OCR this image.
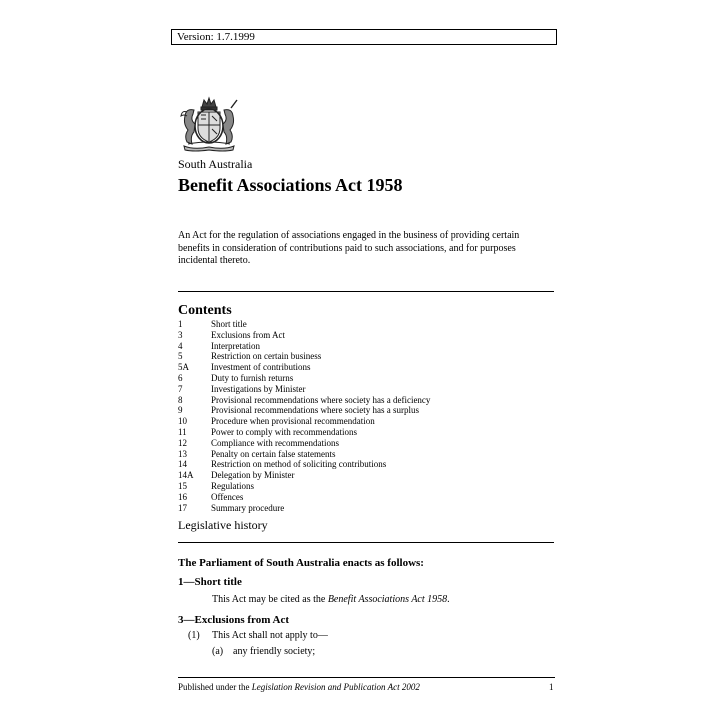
Version: 1.7.1999
South Australia
Benefit Associations Act 1958

An Act for the regulation of associations engaged in the business of providing certain benefits in consideration of contributions paid to such associations, and for purposes incidental thereto.

Contents
1	Short title
3	Exclusions from Act
4	Interpretation
5	Restriction on certain business
5A Investment of contributions
6	Duty to furnish returns
7	Investigations by Minister
8	Provisional recommendations where society has a deficiency
9	Provisional recommendations where society has a surplus
10	Procedure when provisional recommendation
11	Power to comply with recommendations
12	Compliance with recommendations
13	Penalty on certain false statements
14	Restriction on method of soliciting contributions
14A Delegation by Minister
15	Regulations
16	Offences
17	Summary procedure
Legislative history
The Parliament of South Australia enacts as follows:
1—Short title
This Act may be cited as the Benefit Associations Act 1958.
3—Exclusions from Act
(1) This Act shall not apply to—
(a) any friendly society;
Published under the Legislation Revision and Publication Act 2002	1
